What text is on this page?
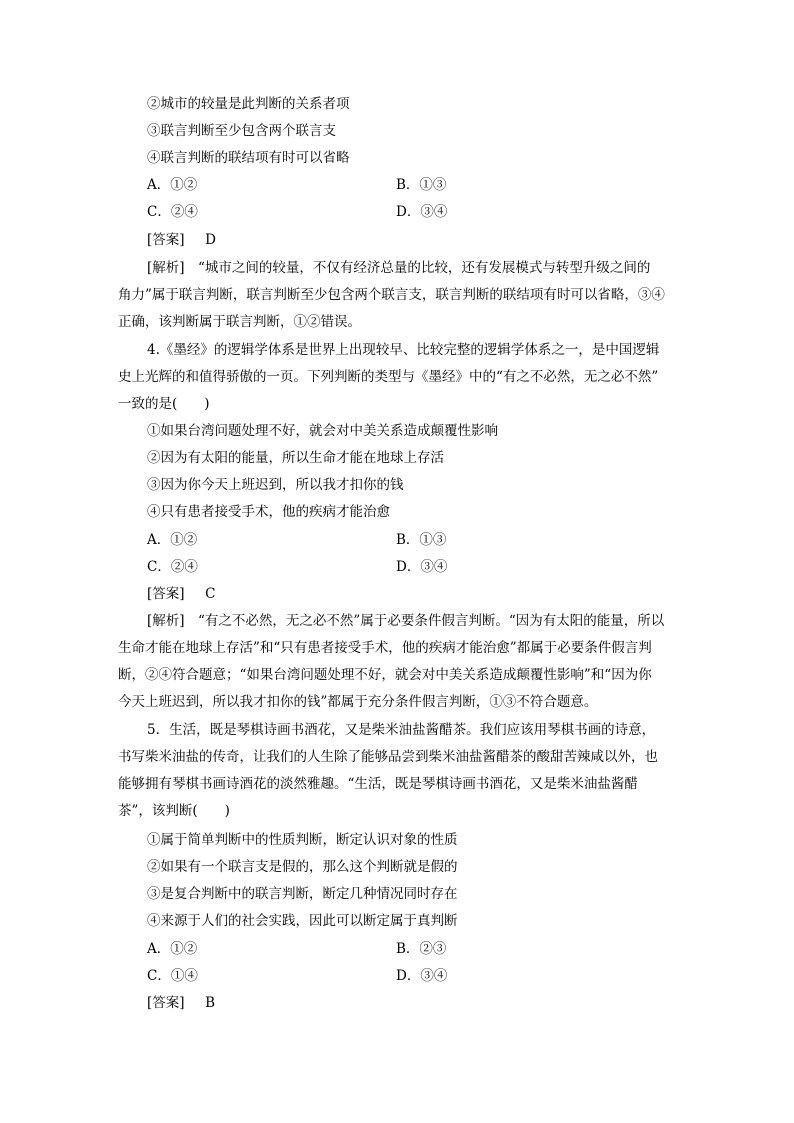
②城市的较量是此判断的关系者项
③联言判断至少包含两个联言支
④联言判断的联结项有时可以省略
A．①②	B．①③
C．②④	D．③④
[答案] D
[解析]　“城市之间的较量，不仅有经济总量的比较，还有发展模式与转型升级之间的
角力”属于联言判断，联言判断至少包含两个联言支，联言判断的联结项有时可以省略，③④
正确，该判断属于联言判断，①②错误。
4.《墨经》的逻辑学体系是世界上出现较早、比较完整的逻辑学体系之一，是中国逻辑
史上光辉的和值得骄傲的一页。下列判断的类型与《墨经》中的“有之不必然，无之必不然”
一致的是(　　)
①如果台湾问题处理不好，就会对中美关系造成颠覆性影响
②因为有太阳的能量，所以生命才能在地球上存活
③因为你今天上班迟到，所以我才扣你的钱
④只有患者接受手术，他的疾病才能治愈
A．①②	B．①③
C．②④	D．③④
[答案] C
[解析]　“有之不必然，无之必不然”属于必要条件假言判断。“因为有太阳的能量，所以
生命才能在地球上存活”和“只有患者接受手术，他的疾病才能治愈”都属于必要条件假言判
断，②④符合题意；“如果台湾问题处理不好，就会对中美关系造成颠覆性影响”和“因为你
今天上班迟到，所以我才扣你的钱”都属于充分条件假言判断，①③不符合题意。
5．生活，既是琴棋诗画书酒花，又是柴米油盐酱醋茶。我们应该用琴棋书画的诗意，
书写柴米油盐的传奇，让我们的人生除了能够品尝到柴米油盐酱醋茶的酸甜苦辣咸以外，也
能够拥有琴棋书画诗酒花的淡然雅趣。“生活，既是琴棋诗画书酒花，又是柴米油盐酱醋
茶”，该判断(　　)
①属于简单判断中的性质判断，断定认识对象的性质
②如果有一个联言支是假的，那么这个判断就是假的
③是复合判断中的联言判断，断定几种情况同时存在
④来源于人们的社会实践，因此可以断定属于真判断
A．①②	B．②③
C．①④	D．③④
[答案] B
